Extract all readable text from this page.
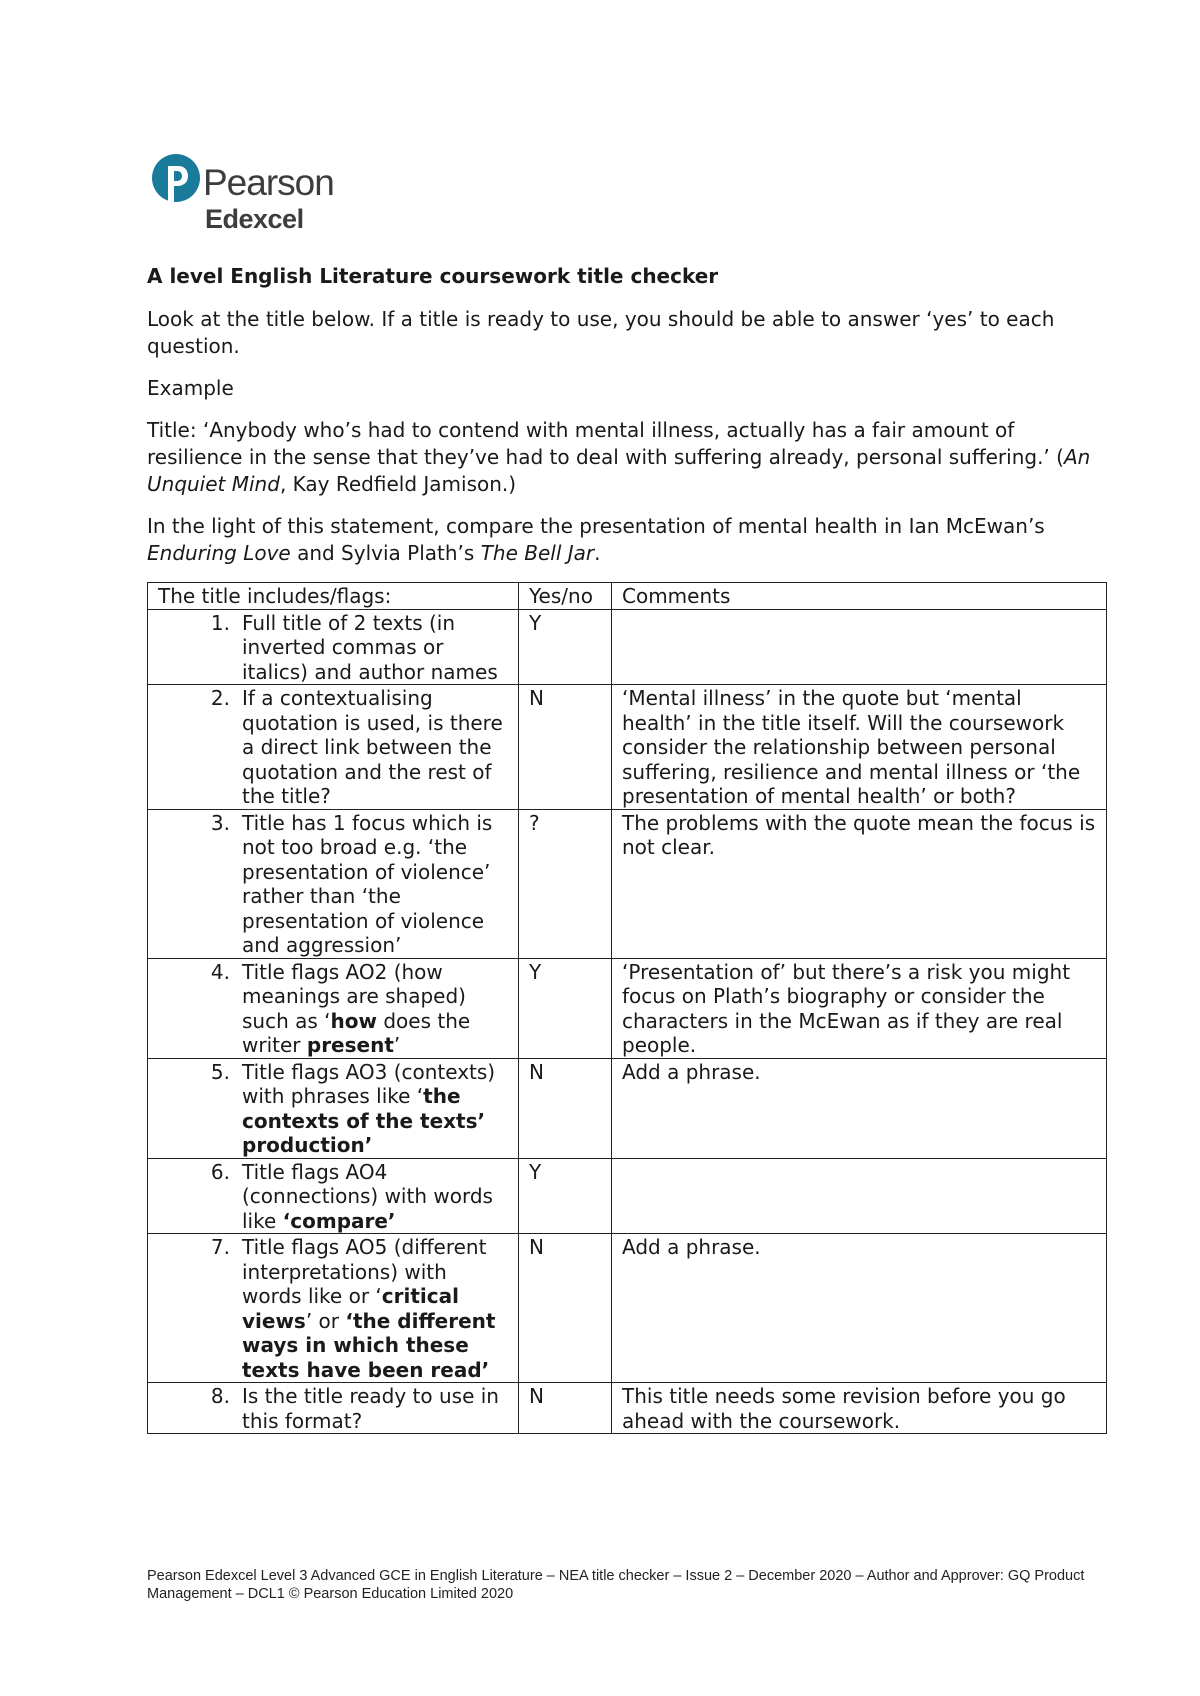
Pearson
Edexcel
A level English Literature coursework title checker

Look at the title below. If a title is ready to use, you should be able to answer ‘yes’ to each question.

Example

Title: ‘Anybody who’s had to contend with mental illness, actually has a fair amount of resilience in the sense that they’ve had to deal with suffering already, personal suffering.’ (An Unquiet Mind, Kay Redfield Jamison.)

In the light of this statement, compare the presentation of mental health in Ian McEwan’s Enduring Love and Sylvia Plath’s The Bell Jar.

The title includes/flags:	Yes/no	Comments

1. Full title of 2 texts (in inverted commas or italics) and author names	Y	

2. If a contextualising quotation is used, is there a direct link between the quotation and the rest of the title?	N	‘Mental illness’ in the quote but ‘mental health’ in the title itself. Will the coursework consider the relationship between personal suffering, resilience and mental illness or ‘the presentation of mental health’ or both?

3. Title has 1 focus which is not too broad e.g. ‘the presentation of violence’ rather than ‘the presentation of violence and aggression’	?	The problems with the quote mean the focus is not clear.

4. Title flags AO2 (how meanings are shaped) such as ‘how does the writer present’	Y	‘Presentation of’ but there’s a risk you might focus on Plath’s biography or consider the characters in the McEwan as if they are real people.

5. Title flags AO3 (contexts) with phrases like ‘the contexts of the texts’ production’	N	Add a phrase.

6. Title flags AO4 (connections) with words like ‘compare’	Y	

7. Title flags AO5 (different interpretations) with words like or ‘critical views’ or ‘the different ways in which these texts have been read’	N	Add a phrase.

8. Is the title ready to use in this format?	N	This title needs some revision before you go ahead with the coursework.
Pearson Edexcel Level 3 Advanced GCE in English Literature – NEA title checker – Issue 2 – December 2020 – Author and Approver: GQ Product Management – DCL1 © Pearson Education Limited 2020
